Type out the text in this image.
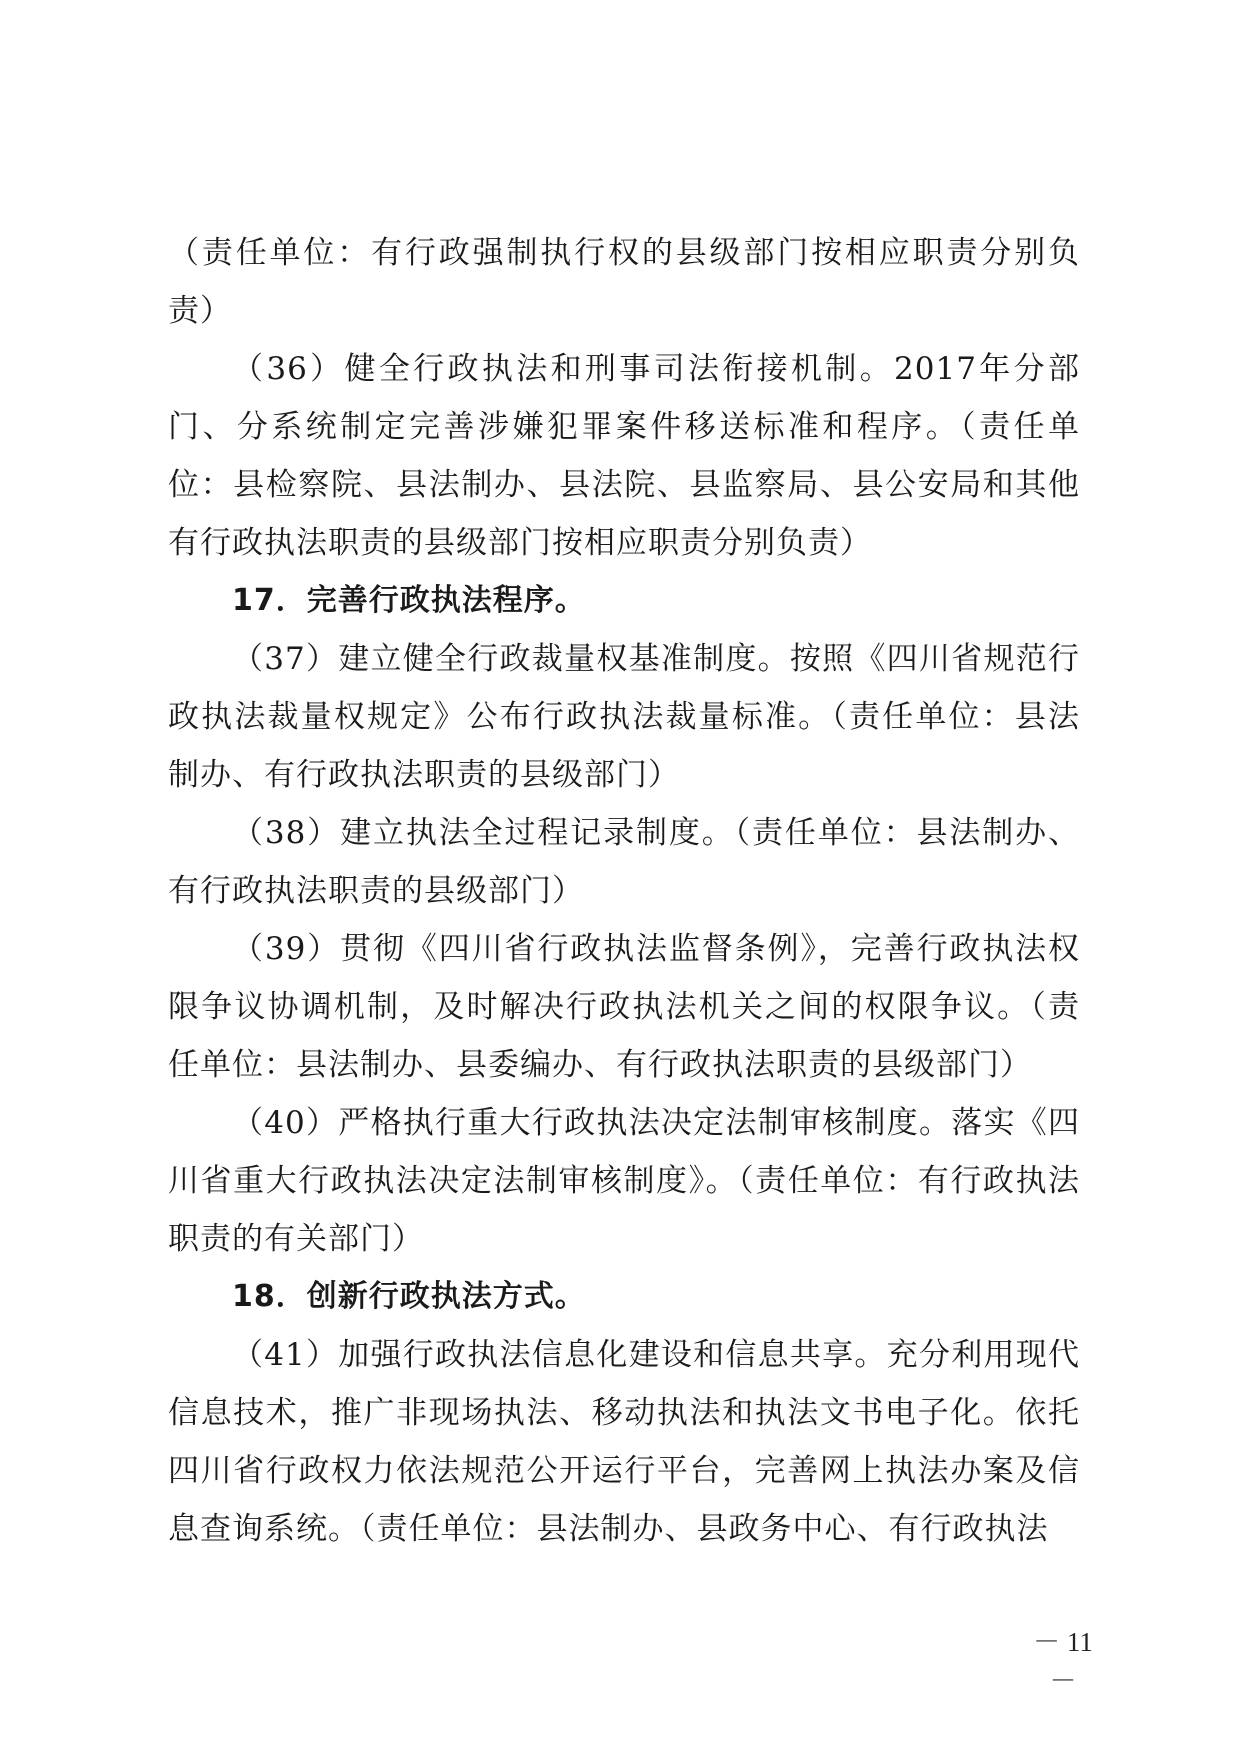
（责任单位：有行政强制执行权的县级部门按相应职责分别负责）

（36）健全行政执法和刑事司法衔接机制。2017年分部门、分系统制定完善涉嫌犯罪案件移送标准和程序。（责任单位：县检察院、县法制办、县法院、县监察局、县公安局和其他有行政执法职责的县级部门按相应职责分别负责）

17．完善行政执法程序。

（37）建立健全行政裁量权基准制度。按照《四川省规范行政执法裁量权规定》公布行政执法裁量标准。（责任单位：县法制办、有行政执法职责的县级部门）

（38）建立执法全过程记录制度。（责任单位：县法制办、有行政执法职责的县级部门）

（39）贯彻《四川省行政执法监督条例》，完善行政执法权限争议协调机制，及时解决行政执法机关之间的权限争议。（责任单位：县法制办、县委编办、有行政执法职责的县级部门）

（40）严格执行重大行政执法决定法制审核制度。落实《四川省重大行政执法决定法制审核制度》。（责任单位：有行政执法职责的有关部门）

18．创新行政执法方式。

（41）加强行政执法信息化建设和信息共享。充分利用现代信息技术，推广非现场执法、移动执法和执法文书电子化。依托四川省行政权力依法规范公开运行平台，完善网上执法办案及信息查询系统。（责任单位：县法制办、县政务中心、有行政执法

－ 11 －
